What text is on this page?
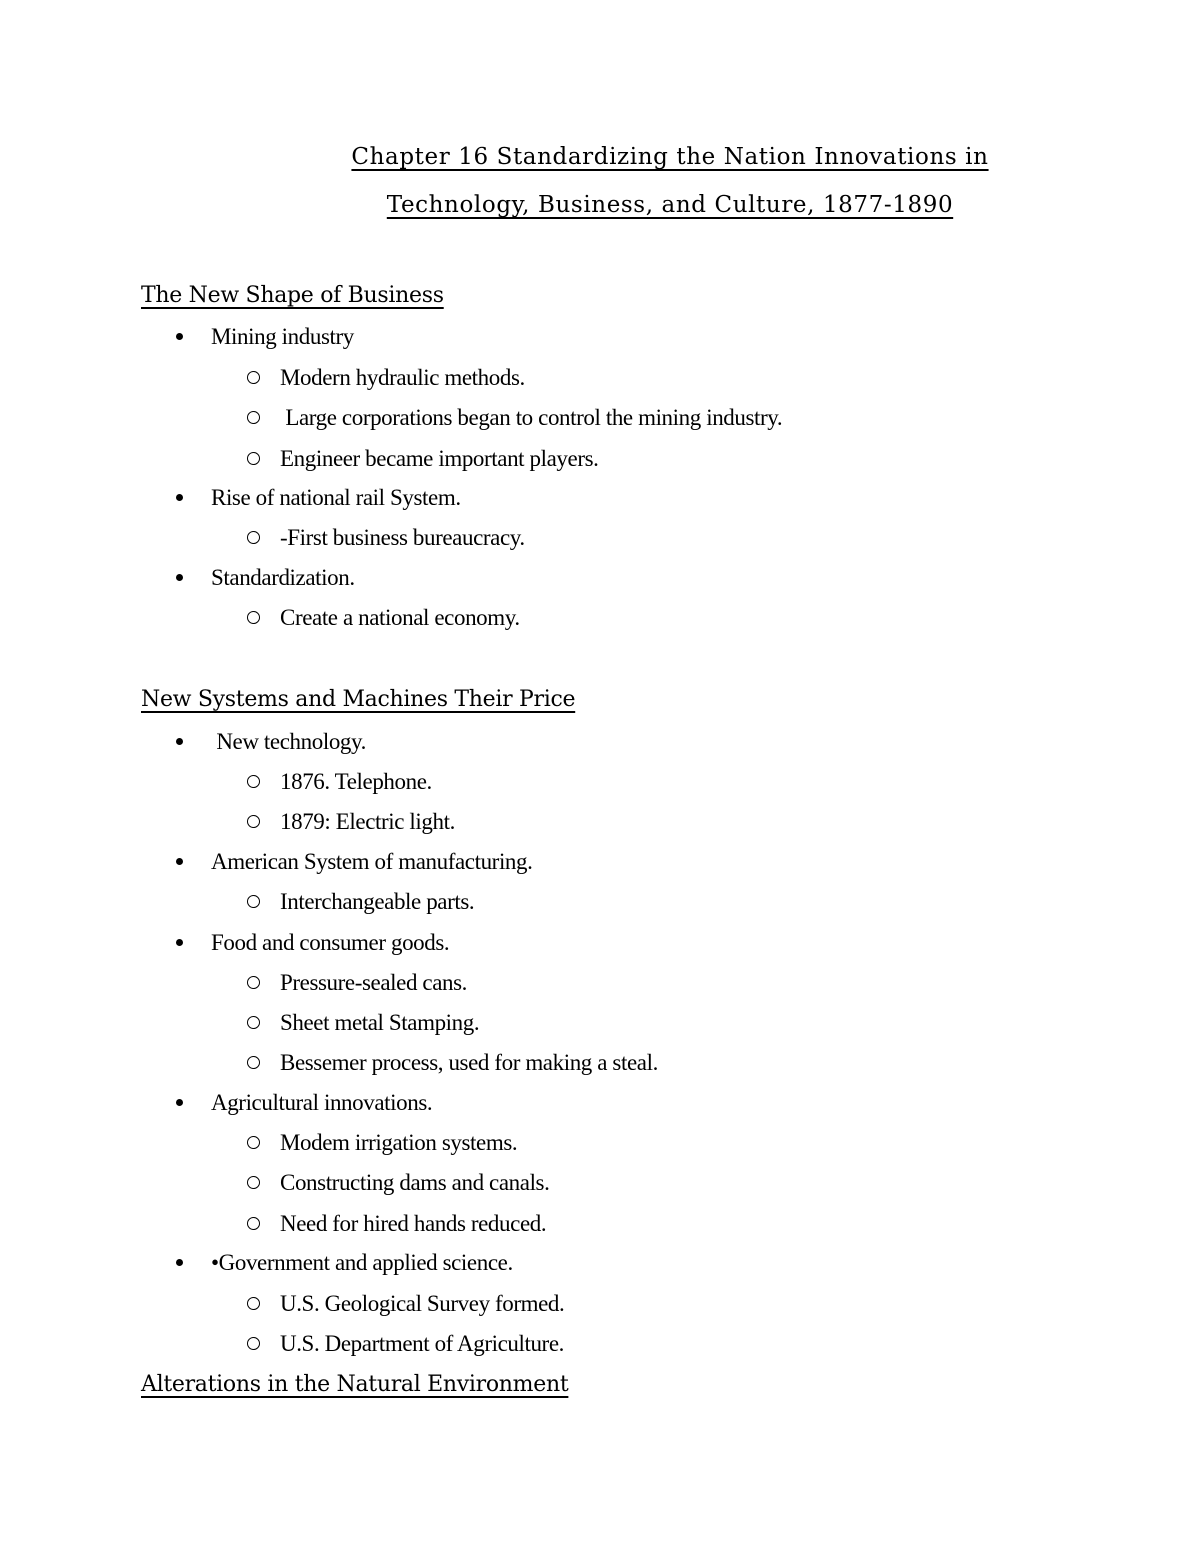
Chapter 16 Standardizing the Nation Innovations in
Technology, Business, and Culture, 1877-1890
The New Shape of Business
Mining industry
Modern hydraulic methods.
Large corporations began to control the mining industry.
Engineer became important players.
Rise of national rail System.
-First business bureaucracy.
Standardization.
Create a national economy.
New Systems and Machines Their Price
New technology.
1876. Telephone.
1879: Electric light.
American System of manufacturing.
Interchangeable parts.
Food and consumer goods.
Pressure-sealed cans.
Sheet metal Stamping.
Bessemer process, used for making a steal.
Agricultural innovations.
Modem irrigation systems.
Constructing dams and canals.
Need for hired hands reduced.
•Government and applied science.
U.S. Geological Survey formed.
U.S. Department of Agriculture.
Alterations in the Natural Environment
